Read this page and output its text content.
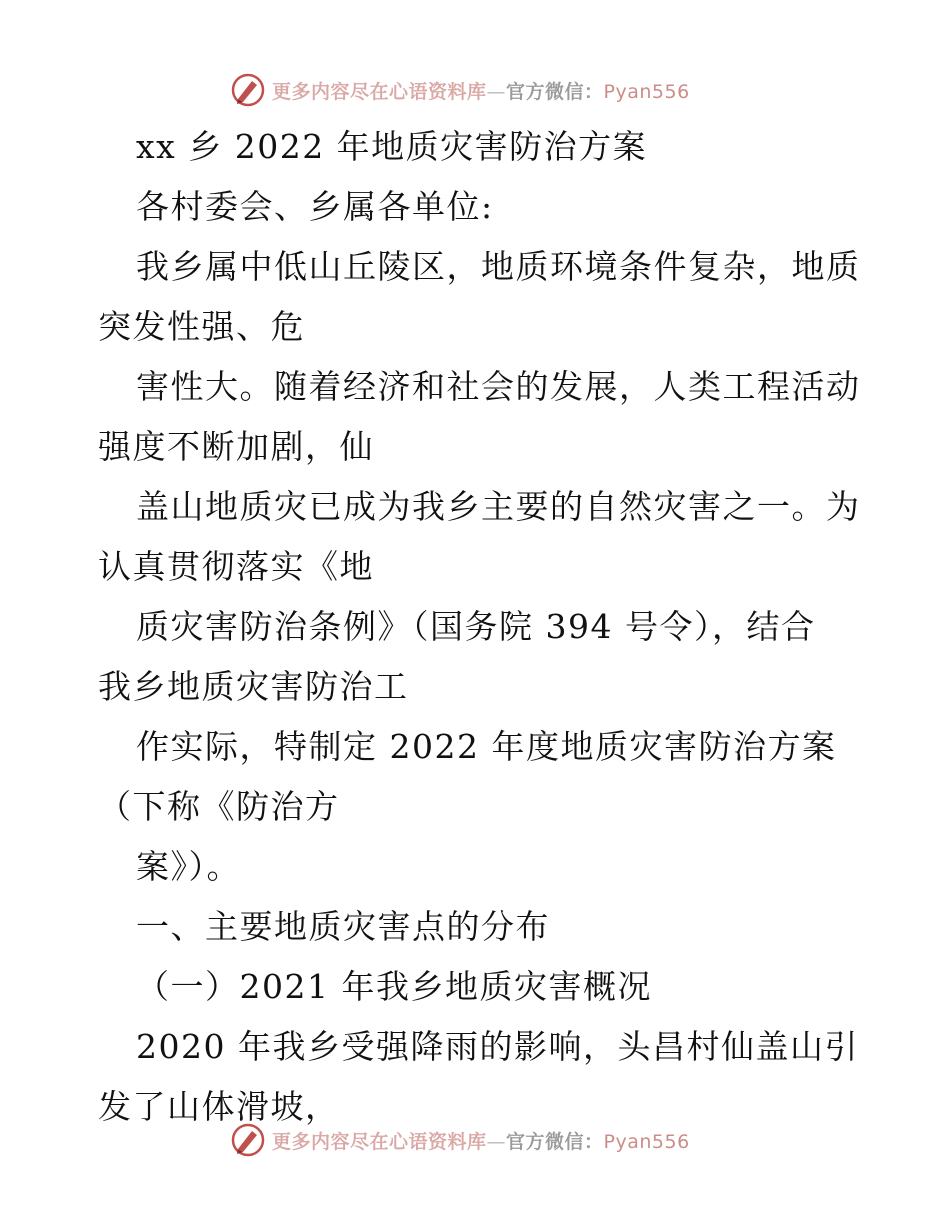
更多内容尽在心语资料库—官方微信：Pyan556
xx 乡 2022 年地质灾害防治方案
各村委会、乡属各单位:
我乡属中低山丘陵区，地质环境条件复杂，地质
突发性强、危
害性大。随着经济和社会的发展，人类工程活动
强度不断加剧，仙
盖山地质灾已成为我乡主要的自然灾害之一。为
认真贯彻落实《地
质灾害防治条例》（国务院 394 号令），结合
我乡地质灾害防治工
作实际，特制定 2022 年度地质灾害防治方案
（下称《防治方
案》）。
一、主要地质灾害点的分布
（一）2021 年我乡地质灾害概况
2020 年我乡受强降雨的影响，头昌村仙盖山引
发了山体滑坡，
更多内容尽在心语资料库—官方微信：Pyan556
